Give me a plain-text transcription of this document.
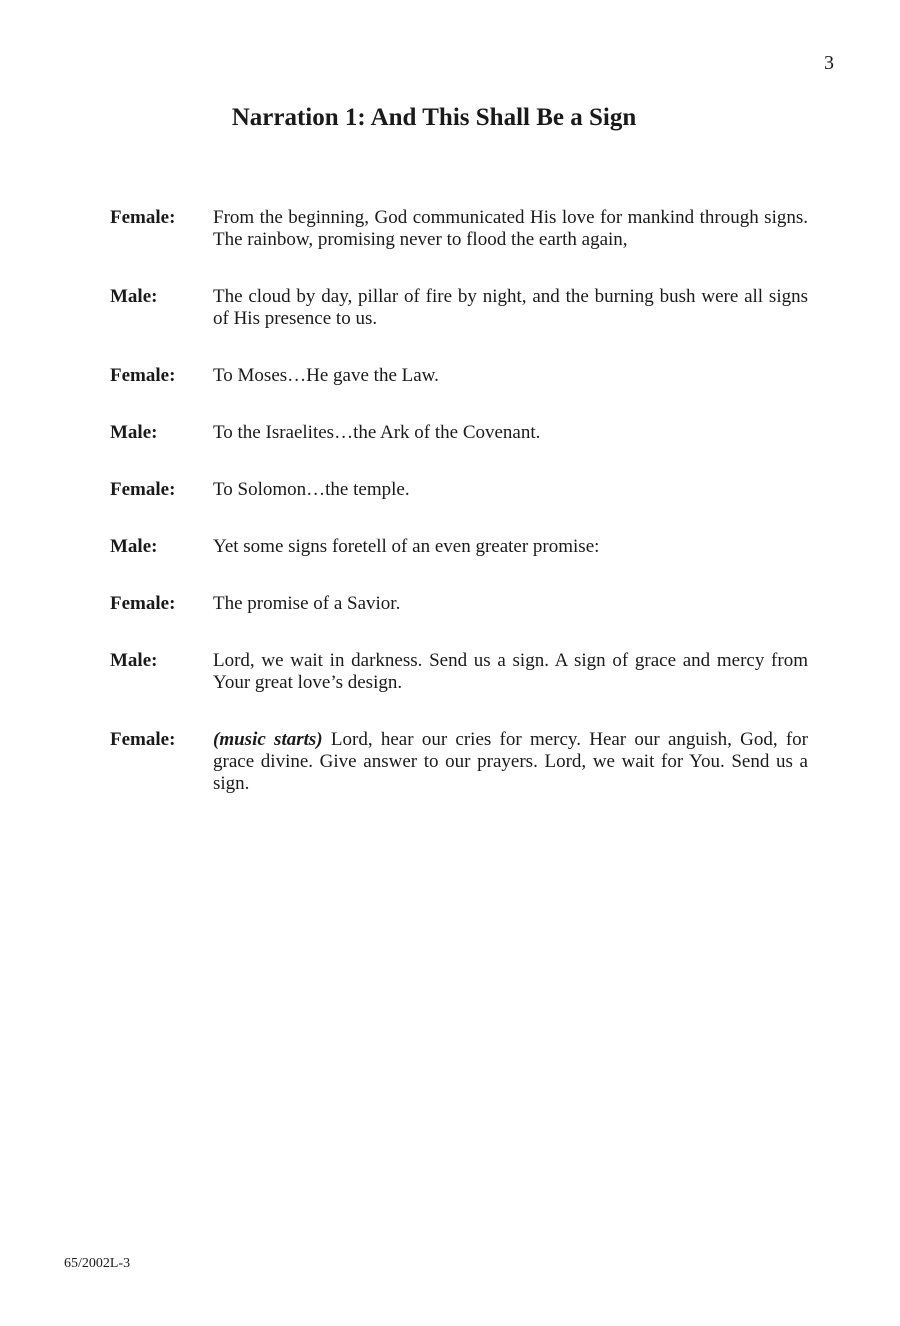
3
Narration 1: And This Shall Be a Sign
Female:	From the beginning, God communicated His love for mankind through signs. The rainbow, promising never to flood the earth again,
Male:	The cloud by day, pillar of fire by night, and the burning bush were all signs of His presence to us.
Female:	To Moses…He gave the Law.
Male:	To the Israelites…the Ark of the Covenant.
Female:	To Solomon…the temple.
Male:	Yet some signs foretell of an even greater promise:
Female:	The promise of a Savior.
Male:	Lord, we wait in darkness. Send us a sign. A sign of grace and mercy from Your great love’s design.
Female:	(music starts) Lord, hear our cries for mercy. Hear our anguish, God, for grace divine. Give answer to our prayers. Lord, we wait for You. Send us a sign.
65/2002L-3
